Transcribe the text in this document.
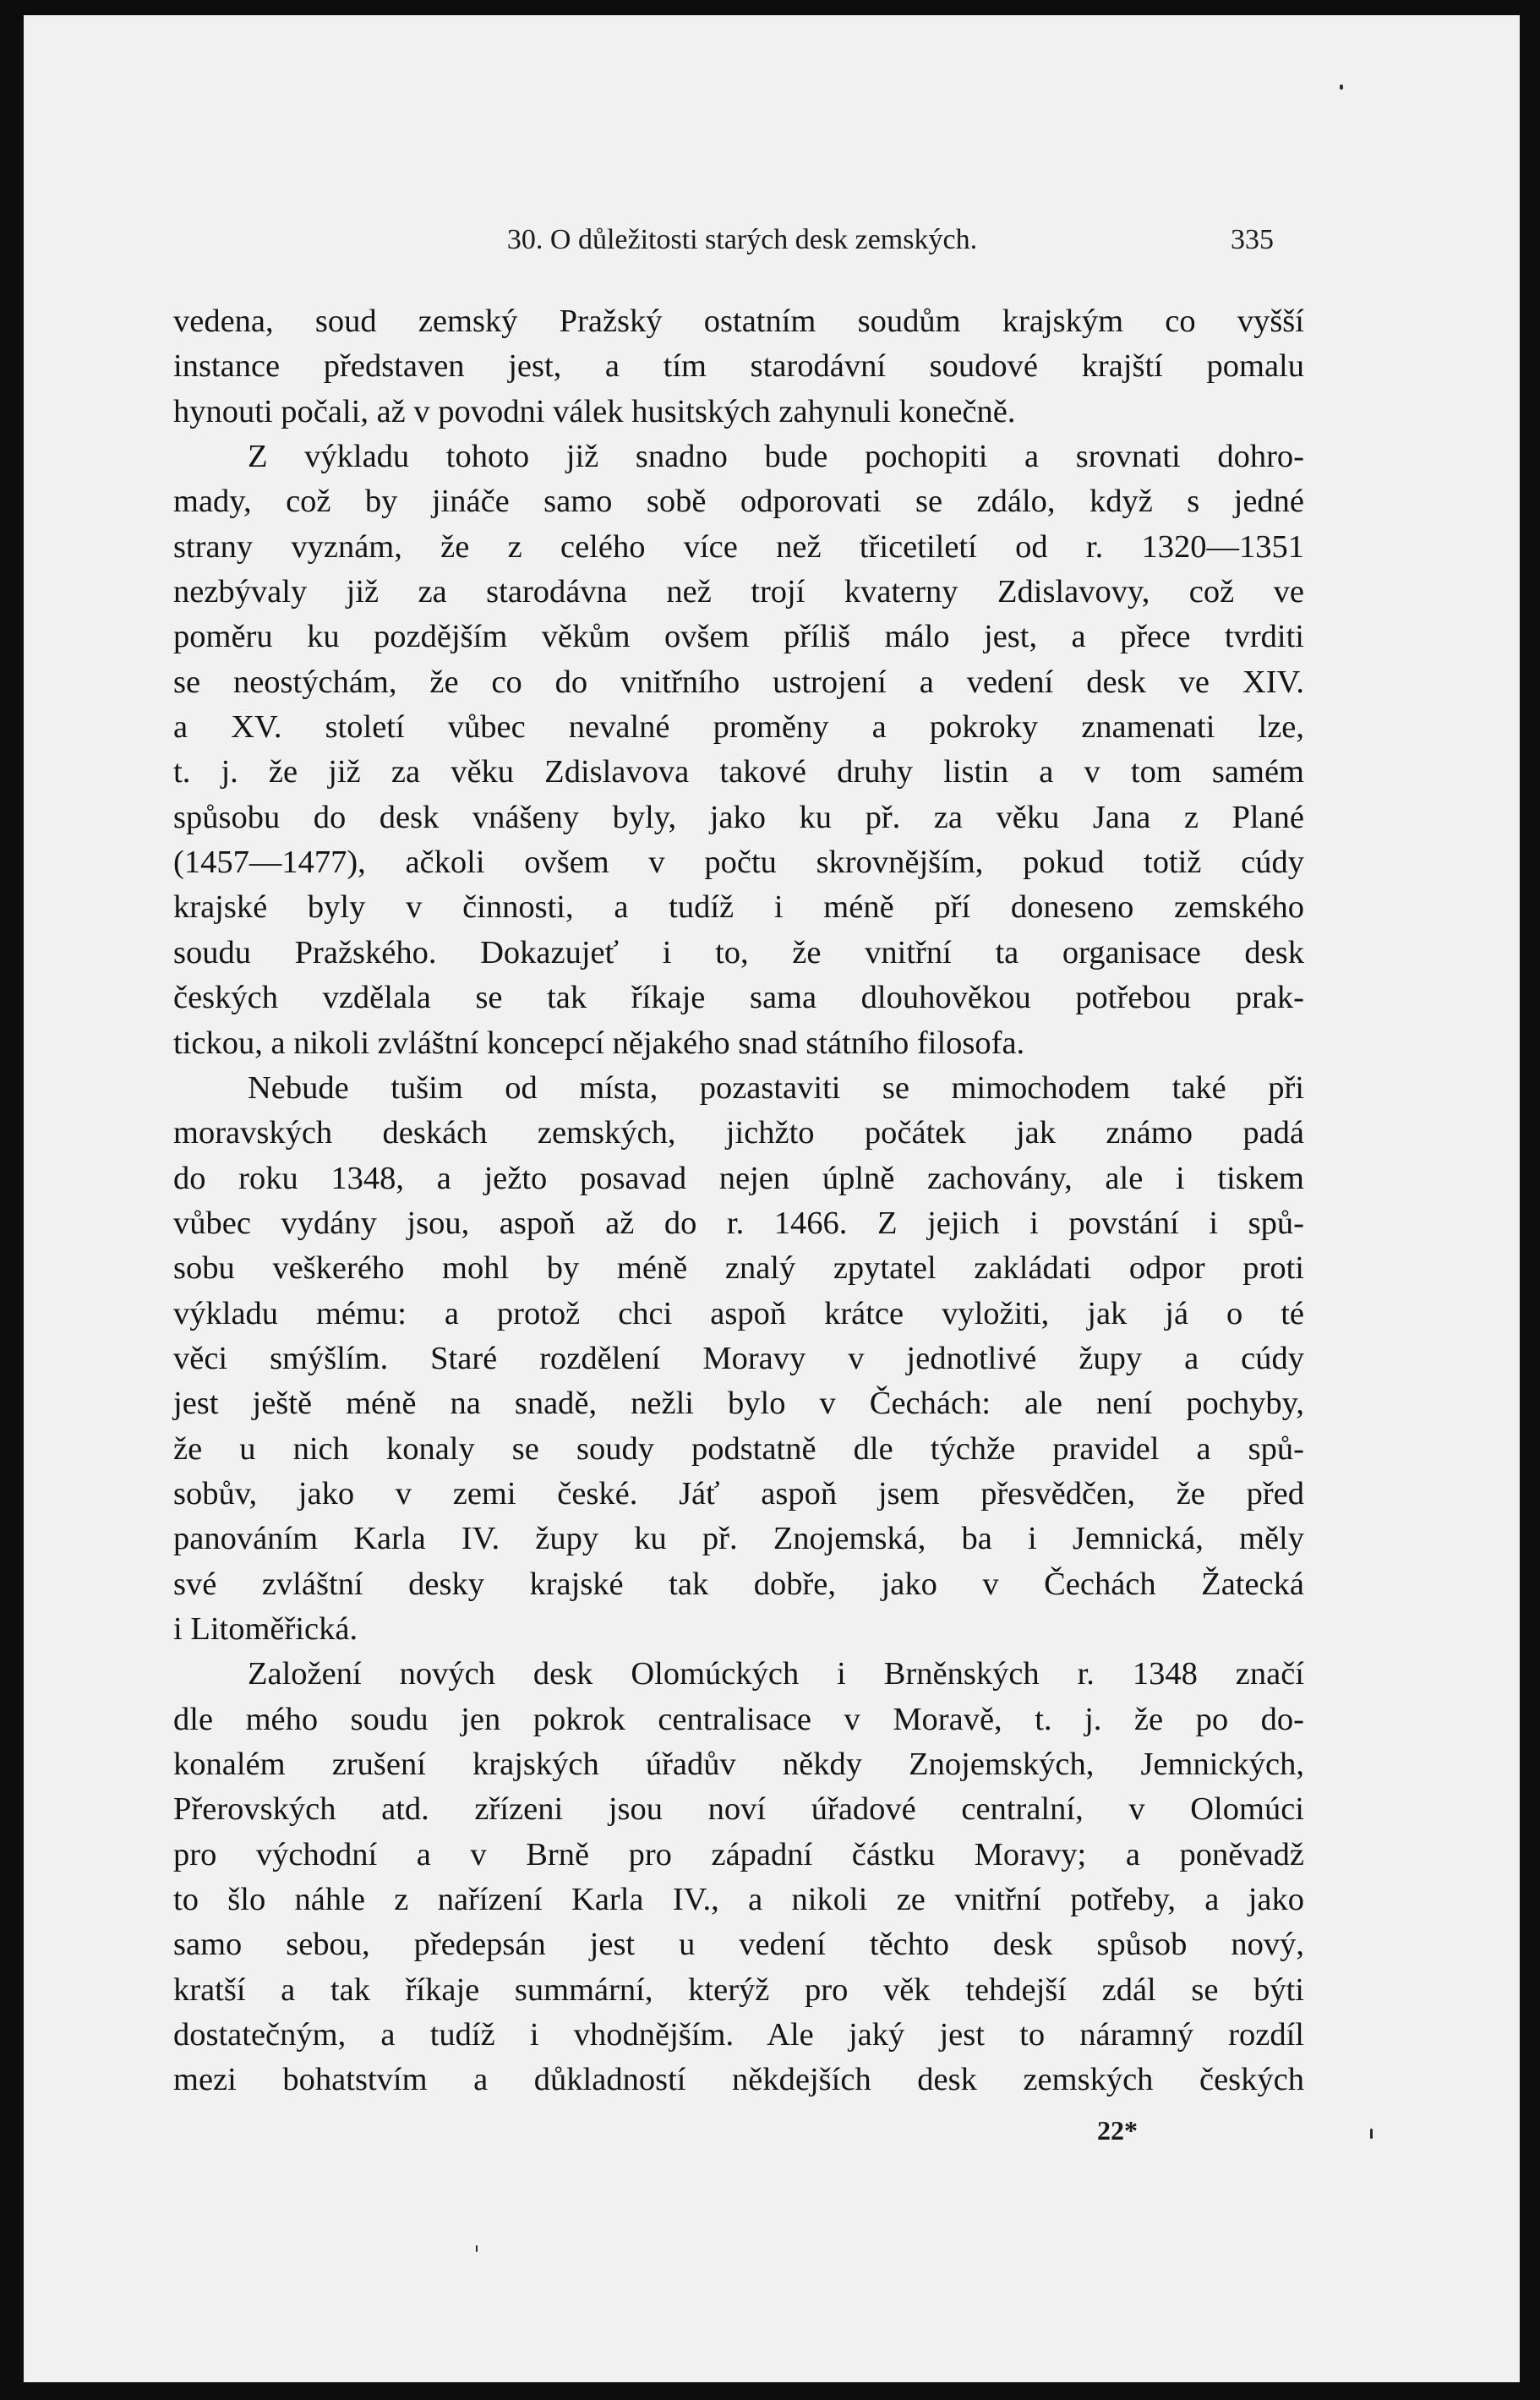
30. O důležitosti starých desk zemských.	335
vedena, soud zemský Pražský ostatním soudům krajským co vyšší
instance představen jest, a tím starodávní soudové krajští pomalu
hynouti počali, až v povodni válek husitských zahynuli konečně.
Z výkladu tohoto již snadno bude pochopiti a srovnati dohro-
mady, což by jináče samo sobě odporovati se zdálo, když s jedné
strany vyznám, že z celého více než třicetiletí od r. 1320—1351
nezbývaly již za starodávna než trojí kvaterny Zdislavovy, což ve
poměru ku pozdějším věkům ovšem příliš málo jest, a přece tvrditi
se neostýchám, že co do vnitřního ustrojení a vedení desk ve XIV.
a XV. století vůbec nevalné proměny a pokroky znamenati lze,
t. j. že již za věku Zdislavova takové druhy listin a v tom samém
spůsobu do desk vnášeny byly, jako ku př. za věku Jana z Plané
(1457—1477), ačkoli ovšem v počtu skrovnějším, pokud totiž cúdy
krajské byly v činnosti, a tudíž i méně pří doneseno zemského
soudu Pražského. Dokazujeť i to, že vnitřní ta organisace desk
českých vzdělala se tak říkaje sama dlouhověkou potřebou prak-
tickou, a nikoli zvláštní koncepcí nějakého snad státního filosofa.
Nebude tušim od místa, pozastaviti se mimochodem také při
moravských deskách zemských, jichžto počátek jak známo padá
do roku 1348, a ježto posavad nejen úplně zachovány, ale i tiskem
vůbec vydány jsou, aspoň až do r. 1466. Z jejich i povstání i spů-
sobu veškerého mohl by méně znalý zpytatel zakládati odpor proti
výkladu mému: a protož chci aspoň krátce vyložiti, jak já o té
věci smýšlím. Staré rozdělení Moravy v jednotlivé župy a cúdy
jest ještě méně na snadě, nežli bylo v Čechách: ale není pochyby,
že u nich konaly se soudy podstatně dle týchže pravidel a spů-
sobův, jako v zemi české. Jáť aspoň jsem přesvědčen, že před
panováním Karla IV. župy ku př. Znojemská, ba i Jemnická, měly
své zvláštní desky krajské tak dobře, jako v Čechách Žatecká
i Litoměřická.
Založení nových desk Olomúckých i Brněnských r. 1348 značí
dle mého soudu jen pokrok centralisace v Moravě, t. j. že po do-
konalém zrušení krajských úřadův někdy Znojemských, Jemnických,
Přerovských atd. zřízeni jsou noví úřadové centralní, v Olomúci
pro východní a v Brně pro západní částku Moravy; a poněvadž
to šlo náhle z nařízení Karla IV., a nikoli ze vnitřní potřeby, a jako
samo sebou, předepsán jest u vedení těchto desk spůsob nový,
kratší a tak říkaje summární, kterýž pro věk tehdejší zdál se býti
dostatečným, a tudíž i vhodnějším. Ale jaký jest to náramný rozdíl
mezi bohatstvím a důkladností někdejších desk zemských českých
22*
